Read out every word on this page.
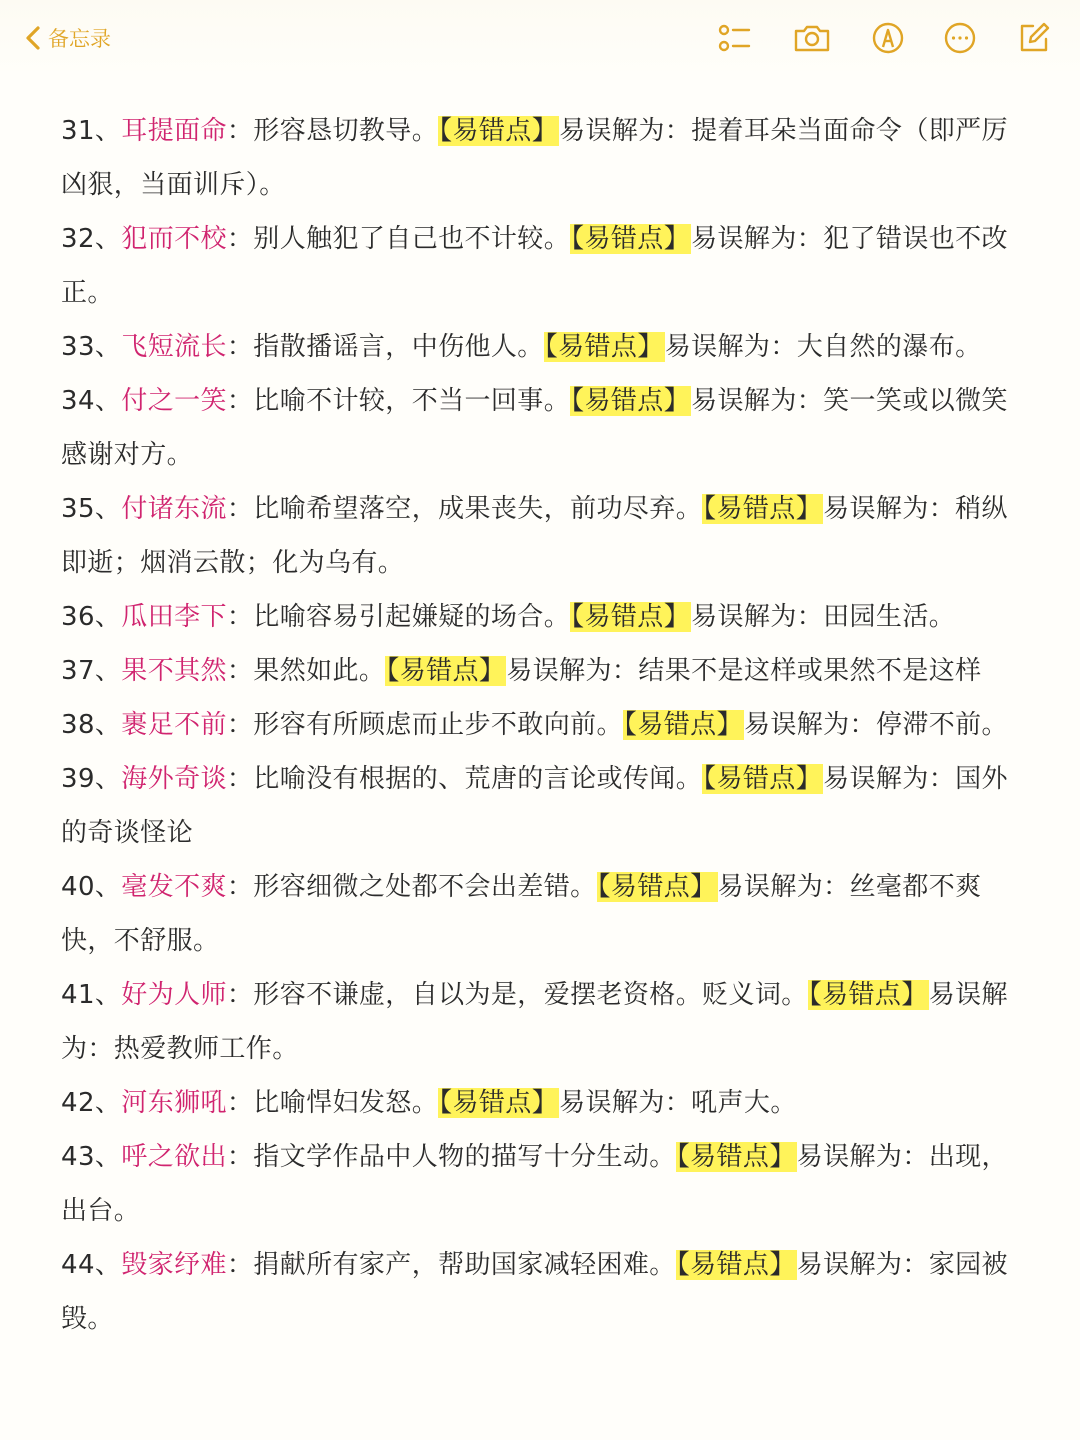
备忘录

31、耳提面命：形容恳切教导。【易错点】易误解为：提着耳朵当面命令（即严厉凶狠，当面训斥）。

32、犯而不校：别人触犯了自己也不计较。【易错点】易误解为：犯了错误也不改正。

33、飞短流长：指散播谣言，中伤他人。【易错点】易误解为：大自然的瀑布。

34、付之一笑：比喻不计较，不当一回事。【易错点】易误解为：笑一笑或以微笑感谢对方。

35、付诸东流：比喻希望落空，成果丧失，前功尽弃。【易错点】易误解为：稍纵即逝；烟消云散；化为乌有。

36、瓜田李下：比喻容易引起嫌疑的场合。【易错点】易误解为：田园生活。

37、果不其然：果然如此。【易错点】易误解为：结果不是这样或果然不是这样

38、裹足不前：形容有所顾虑而止步不敢向前。【易错点】易误解为：停滞不前。

39、海外奇谈：比喻没有根据的、荒唐的言论或传闻。【易错点】易误解为：国外的奇谈怪论

40、毫发不爽：形容细微之处都不会出差错。【易错点】易误解为：丝毫都不爽快，不舒服。

41、好为人师：形容不谦虚，自以为是，爱摆老资格。贬义词。【易错点】易误解为：热爱教师工作。

42、河东狮吼：比喻悍妇发怒。【易错点】易误解为：吼声大。

43、呼之欲出：指文学作品中人物的描写十分生动。【易错点】易误解为：出现，出台。

44、毁家纾难：捐献所有家产，帮助国家减轻困难。【易错点】易误解为：家园被毁。
